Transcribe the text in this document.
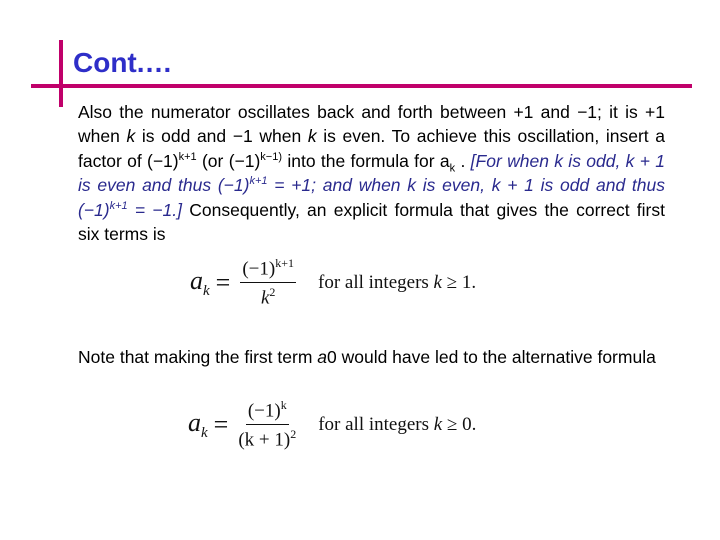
Cont.…
Also the numerator oscillates back and forth between +1 and −1; it is +1 when k is odd and −1 when k is even. To achieve this oscillation, insert a factor of $(-1)^{k+1}$ (or $(-1)^{k-1)}$ into the formula for $a_k$ . [For when k is odd, k + 1 is even and thus $(-1)^{k+1} = +1$; and when k is even, k + 1 is odd and thus $(-1)^{k+1} = -1$.] Consequently, an explicit formula that gives the correct first six terms is
$a_k = \frac{(-1)^{k+1}}{k^2}$ for all integers k ≥ 1.
Note that making the first term a0 would have led to the alternative formula
$a_k = \frac{(-1)^k}{(k + 1)^2}$ for all integers k ≥ 0.
